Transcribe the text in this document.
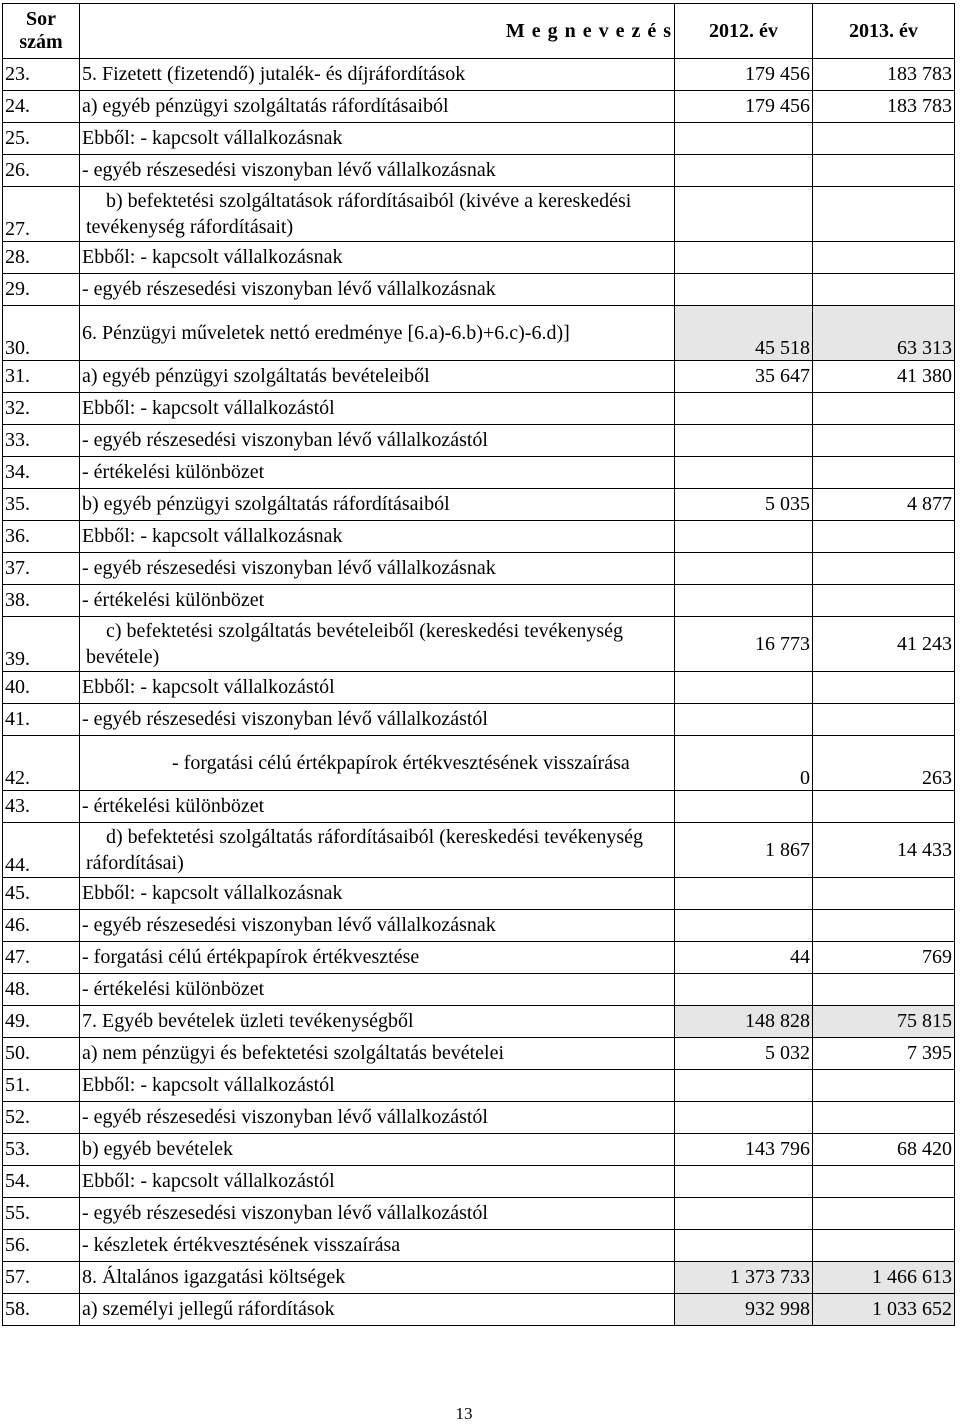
Sor szám	M e g n e v e z é s	2012. év	2013. év
23.	5. Fizetett (fizetendő) jutalék- és díjráfordítások	179 456	183 783
24.	a) egyéb pénzügyi szolgáltatás ráfordításaiból	179 456	183 783
25.	Ebből: - kapcsolt vállalkozásnak		
26.	- egyéb részesedési viszonyban lévő vállalkozásnak		
27.	b) befektetési szolgáltatások ráfordításaiból (kivéve a kereskedési tevékenység ráfordításait)		
28.	Ebből: - kapcsolt vállalkozásnak		
29.	- egyéb részesedési viszonyban lévő vállalkozásnak		
30.	6. Pénzügyi műveletek nettó eredménye [6.a)-6.b)+6.c)-6.d)]	45 518	63 313
31.	a) egyéb pénzügyi szolgáltatás bevételeiből	35 647	41 380
32.	Ebből: - kapcsolt vállalkozástól		
33.	- egyéb részesedési viszonyban lévő vállalkozástól		
34.	- értékelési különbözet		
35.	b) egyéb pénzügyi szolgáltatás ráfordításaiból	5 035	4 877
36.	Ebből: - kapcsolt vállalkozásnak		
37.	- egyéb részesedési viszonyban lévő vállalkozásnak		
38.	- értékelési különbözet		
39.	c) befektetési szolgáltatás bevételeiből (kereskedési tevékenység bevétele)	16 773	41 243
40.	Ebből: - kapcsolt vállalkozástól		
41.	- egyéb részesedési viszonyban lévő vállalkozástól		
42.	- forgatási célú értékpapírok értékvesztésének visszaírása	0	263
43.	- értékelési különbözet		
44.	d) befektetési szolgáltatás ráfordításaiból (kereskedési tevékenység ráfordításai)	1 867	14 433
45.	Ebből: - kapcsolt vállalkozásnak		
46.	- egyéb részesedési viszonyban lévő vállalkozásnak		
47.	- forgatási célú értékpapírok értékvesztése	44	769
48.	- értékelési különbözet		
49.	7. Egyéb bevételek üzleti tevékenységből	148 828	75 815
50.	a) nem pénzügyi és befektetési szolgáltatás bevételei	5 032	7 395
51.	Ebből: - kapcsolt vállalkozástól		
52.	- egyéb részesedési viszonyban lévő vállalkozástól		
53.	b) egyéb bevételek	143 796	68 420
54.	Ebből: - kapcsolt vállalkozástól		
55.	- egyéb részesedési viszonyban lévő vállalkozástól		
56.	- készletek értékvesztésének visszaírása		
57.	8. Általános igazgatási költségek	1 373 733	1 466 613
58.	a) személyi jellegű ráfordítások	932 998	1 033 652
13
